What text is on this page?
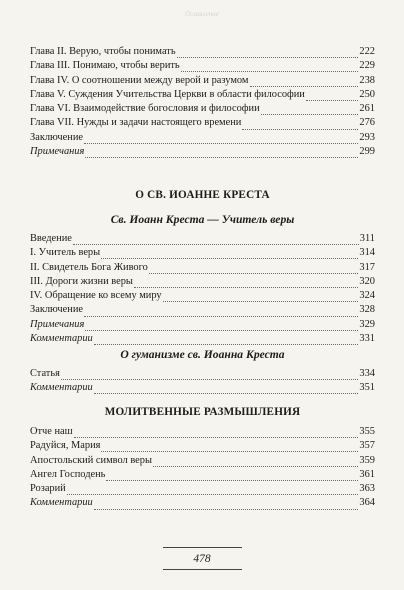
Оглавление
Глава II. Верую, чтобы понимать	222
Глава III. Понимаю, чтобы верить	229
Глава IV. О соотношении между верой и разумом	238
Глава V. Суждения Учительства Церкви в области философии	250
Глава VI. Взаимодействие богословия и философии	261
Глава VII. Нужды и задачи настоящего времени	276
Заключение	293
Примечания	299
О СВ. ИОАННЕ КРЕСТА
Св. Иоанн Креста — Учитель веры
Введение	311
I. Учитель веры	314
II. Свидетель Бога Живого	317
III. Дороги жизни веры	320
IV. Обращение ко всему миру	324
Заключение	328
Примечания	329
Комментарии	331
О гуманизме св. Иоанна Креста
Статья	334
Комментарии	351
МОЛИТВЕННЫЕ РАЗМЫШЛЕНИЯ
Отче наш	355
Радуйся, Мария	357
Апостольский символ веры	359
Ангел Господень	361
Розарий	363
Комментарии	364
478
